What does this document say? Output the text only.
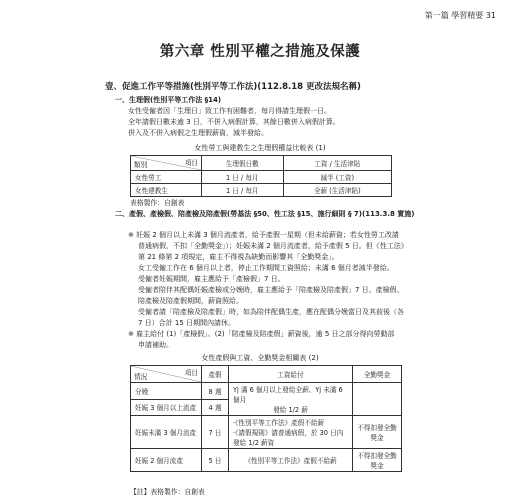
第一篇 學習精要 31
第六章 性別平權之措施及保護
壹、促進工作平等措施(性別平等工作法)(112.8.18 更改法規名稱)
一、生理假(性別平等工作法 §14)
女性受僱者因「生理日」致工作有困難者，每月得請生理假一日。
全年請假日數未逾 3 日，不併入病假計算，其餘日數併入病假計算。
併入及不併入病假之生理假薪資，減半發給。
女性勞工與建教生之生理假權益比較表 (1)
項目
類別	生理假日數	工資 / 生活津貼
女性勞工	1 日 / 每月	減半 (工資)
女性建教生	1 日 / 每月	全薪 (生活津貼)
表格製作：自創表
二、產假、產檢假、陪產檢及陪產假(勞基法 §50、性工法 §15、施行細則 § 7)(113.3.8 實施)
※ 妊娠 2 個月以上未滿 3 個月流產者，給予產假一星期（但未給薪資；若女性勞工改請
普通病假，不扣「全勤獎金」）；妊娠未滿 2 個月流產者，給予產假 5 日。但《性工法》
第 21 條第 2 項規定，雇主不得視為缺勤而影響其「全勤獎金」。
女工受僱工作在 6 個月以上者，停止工作期間工資照給；未滿 6 個月者減半發給。
受僱者妊娠期間，雇主應給予「產檢假」7 日。
受僱者陪伴其配偶妊娠產檢或分娩時，雇主應給予「陪產檢及陪產假」7 日。產檢假、
陪產檢及陪產假期間，薪資照給。
受僱者請「陪產檢及陪產假」時，如為陪伴配偶生產，應在配偶分娩當日及其前後（各
7 日）合計 15 日期間內請休。
※ 雇主給付 (1)「產檢假」、(2)「陪產檢及陪產假」薪資後，逾 5 日之部分得向勞動部
申請補助。
女性產假與工資、全勤獎金相關表 (2)
項目
情況	產假	工資給付	全勤獎金
分娩	8 週	Yj 滿 6 個月以上發給全薪、Yj 未滿 6 個月
發給 1/2 薪	

妊娠 3 個月以上流產	4 週		
妊娠未滿 3 個月流產	7 日	‧《性別平等工作法》產假不給薪
‧《請假規則》請普通病假，於 30 日內發給 1/2 薪資	不得扣發全勤獎金
妊娠 2 個月流產	5 日	《性別平等工作法》產假不給薪	不得扣發全勤獎金
【註】表格製作：自創表
